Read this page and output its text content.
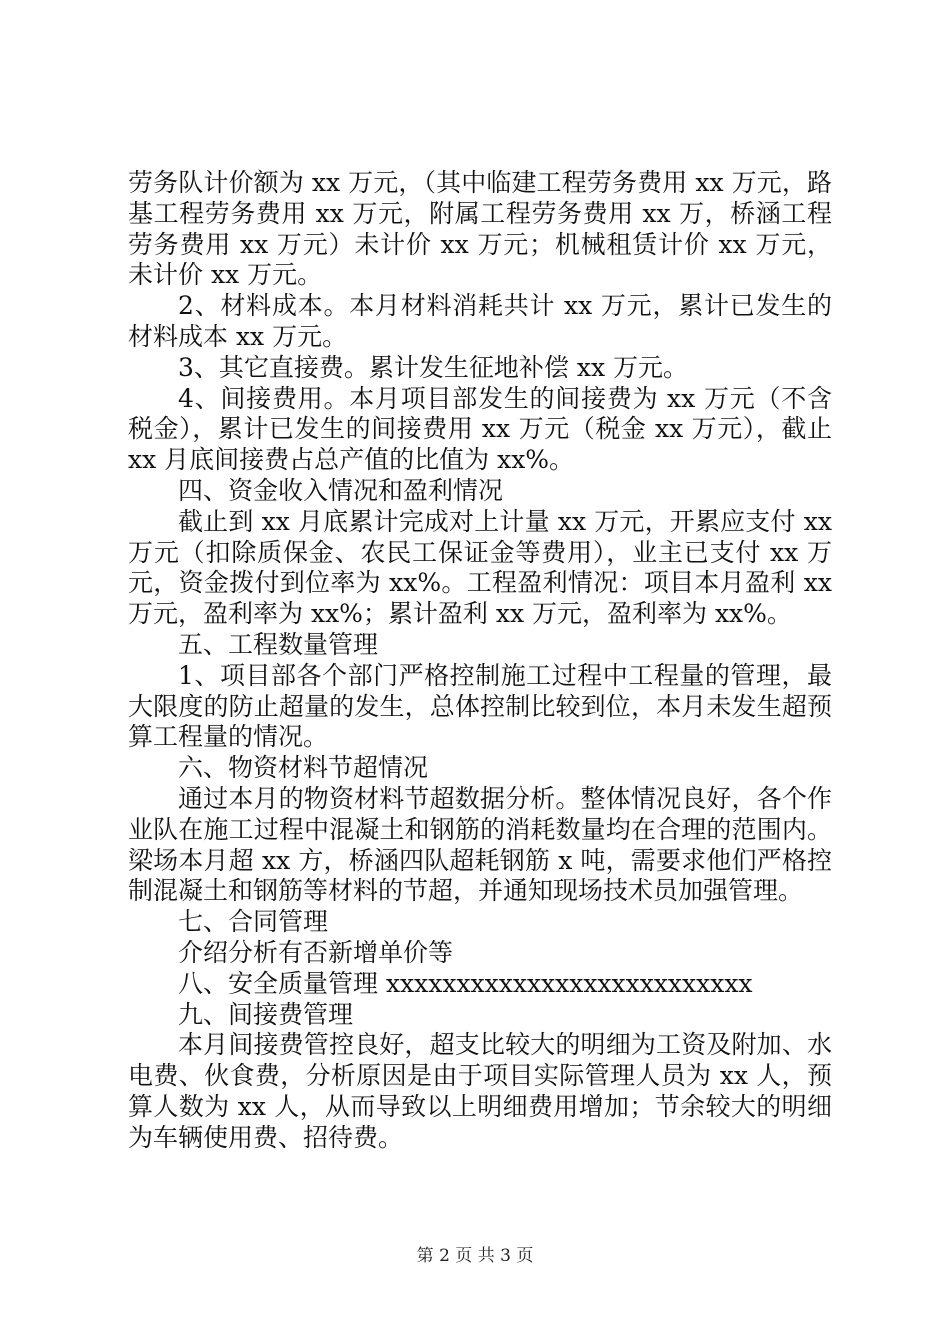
劳务队计价额为 xx 万元，（其中临建工程劳务费用 xx 万元，路基工程劳务费用 xx 万元，附属工程劳务费用 xx 万，桥涵工程劳务费用 xx 万元）未计价 xx 万元；机械租赁计价 xx 万元，未计价 xx 万元。

2、材料成本。本月材料消耗共计 xx 万元，累计已发生的材料成本 xx 万元。

3、其它直接费。累计发生征地补偿 xx 万元。

4、间接费用。本月项目部发生的间接费为 xx 万元（不含税金），累计已发生的间接费用 xx 万元（税金 xx 万元），截止 xx 月底间接费占总产值的比值为 xx%。

四、资金收入情况和盈利情况

截止到 xx 月底累计完成对上计量 xx 万元，开累应支付 xx 万元（扣除质保金、农民工保证金等费用），业主已支付 xx 万元，资金拨付到位率为 xx%。工程盈利情况：项目本月盈利 xx 万元，盈利率为 xx%；累计盈利 xx 万元，盈利率为 xx%。

五、工程数量管理

1、项目部各个部门严格控制施工过程中工程量的管理，最大限度的防止超量的发生，总体控制比较到位，本月未发生超预算工程量的情况。

六、物资材料节超情况

通过本月的物资材料节超数据分析。整体情况良好，各个作业队在施工过程中混凝土和钢筋的消耗数量均在合理的范围内。梁场本月超 xx 方，桥涵四队超耗钢筋 x 吨，需要求他们严格控制混凝土和钢筋等材料的节超，并通知现场技术员加强管理。

七、合同管理

介绍分析有否新增单价等

八、安全质量管理 xxxxxxxxxxxxxxxxxxxxxxxxxx

九、间接费管理

本月间接费管控良好，超支比较大的明细为工资及附加、水电费、伙食费，分析原因是由于项目实际管理人员为 xx 人，预算人数为 xx 人，从而导致以上明细费用增加；节余较大的明细为车辆使用费、招待费。

第 2 页 共 3 页
